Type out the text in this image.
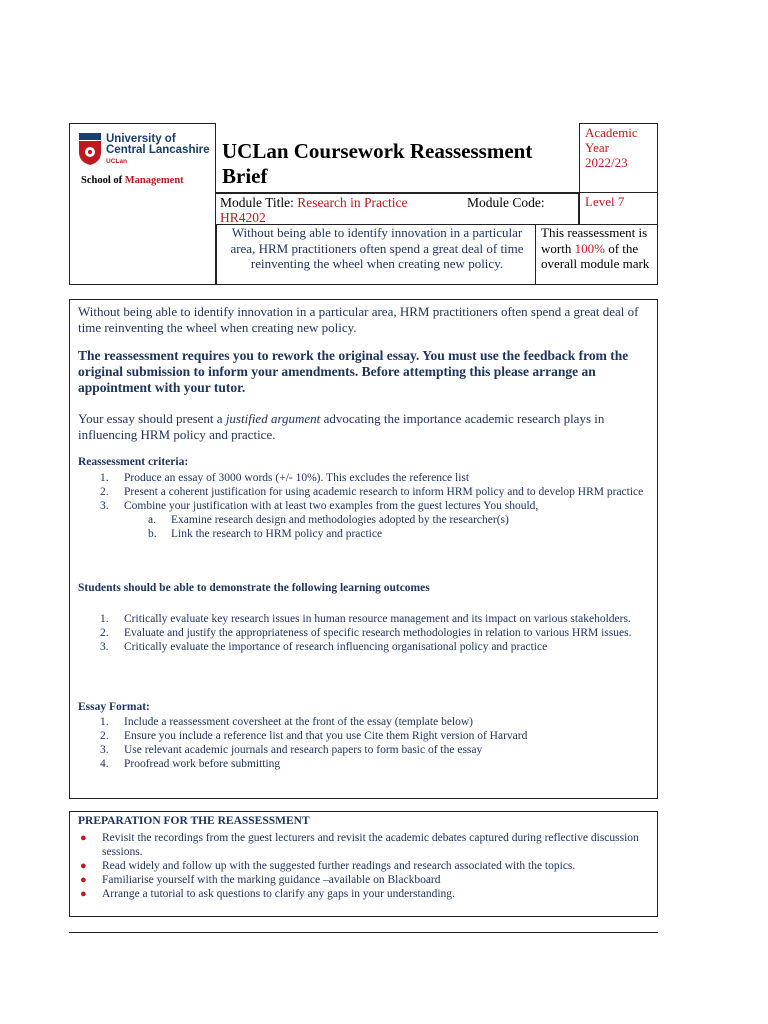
University of
Central Lancashire
UCLan
School of Management
UCLan Coursework Reassessment Brief
Academic Year
2022/23
Module Title: Research in Practice	Module Code:
HR4202
Level 7
Without being able to identify innovation in a particular area, HRM practitioners often spend a great deal of time reinventing the wheel when creating new policy.
This reassessment is worth 100% of the overall module mark
Without being able to identify innovation in a particular area, HRM practitioners often spend a great deal of time reinventing the wheel when creating new policy.
The reassessment requires you to rework the original essay. You must use the feedback from the original submission to inform your amendments. Before attempting this please arrange an appointment with your tutor.
Your essay should present a justified argument advocating the importance academic research plays in influencing HRM policy and practice.
Reassessment criteria:
1. Produce an essay of 3000 words (+/- 10%). This excludes the reference list
2. Present a coherent justification for using academic research to inform HRM policy and to develop HRM practice
3. Combine your justification with at least two examples from the guest lectures You should,
a. Examine research design and methodologies adopted by the researcher(s)
b. Link the research to HRM policy and practice
Students should be able to demonstrate the following learning outcomes
1. Critically evaluate key research issues in human resource management and its impact on various stakeholders.
2. Evaluate and justify the appropriateness of specific research methodologies in relation to various HRM issues.
3. Critically evaluate the importance of research influencing organisational policy and practice
Essay Format:
1. Include a reassessment coversheet at the front of the essay (template below)
2. Ensure you include a reference list and that you use Cite them Right version of Harvard
3. Use relevant academic journals and research papers to form basic of the essay
4. Proofread work before submitting
PREPARATION FOR THE REASSESSMENT
● Revisit the recordings from the guest lecturers and revisit the academic debates captured during reflective discussion sessions.
● Read widely and follow up with the suggested further readings and research associated with the topics.
● Familiarise yourself with the marking guidance –available on Blackboard
● Arrange a tutorial to ask questions to clarify any gaps in your understanding.
